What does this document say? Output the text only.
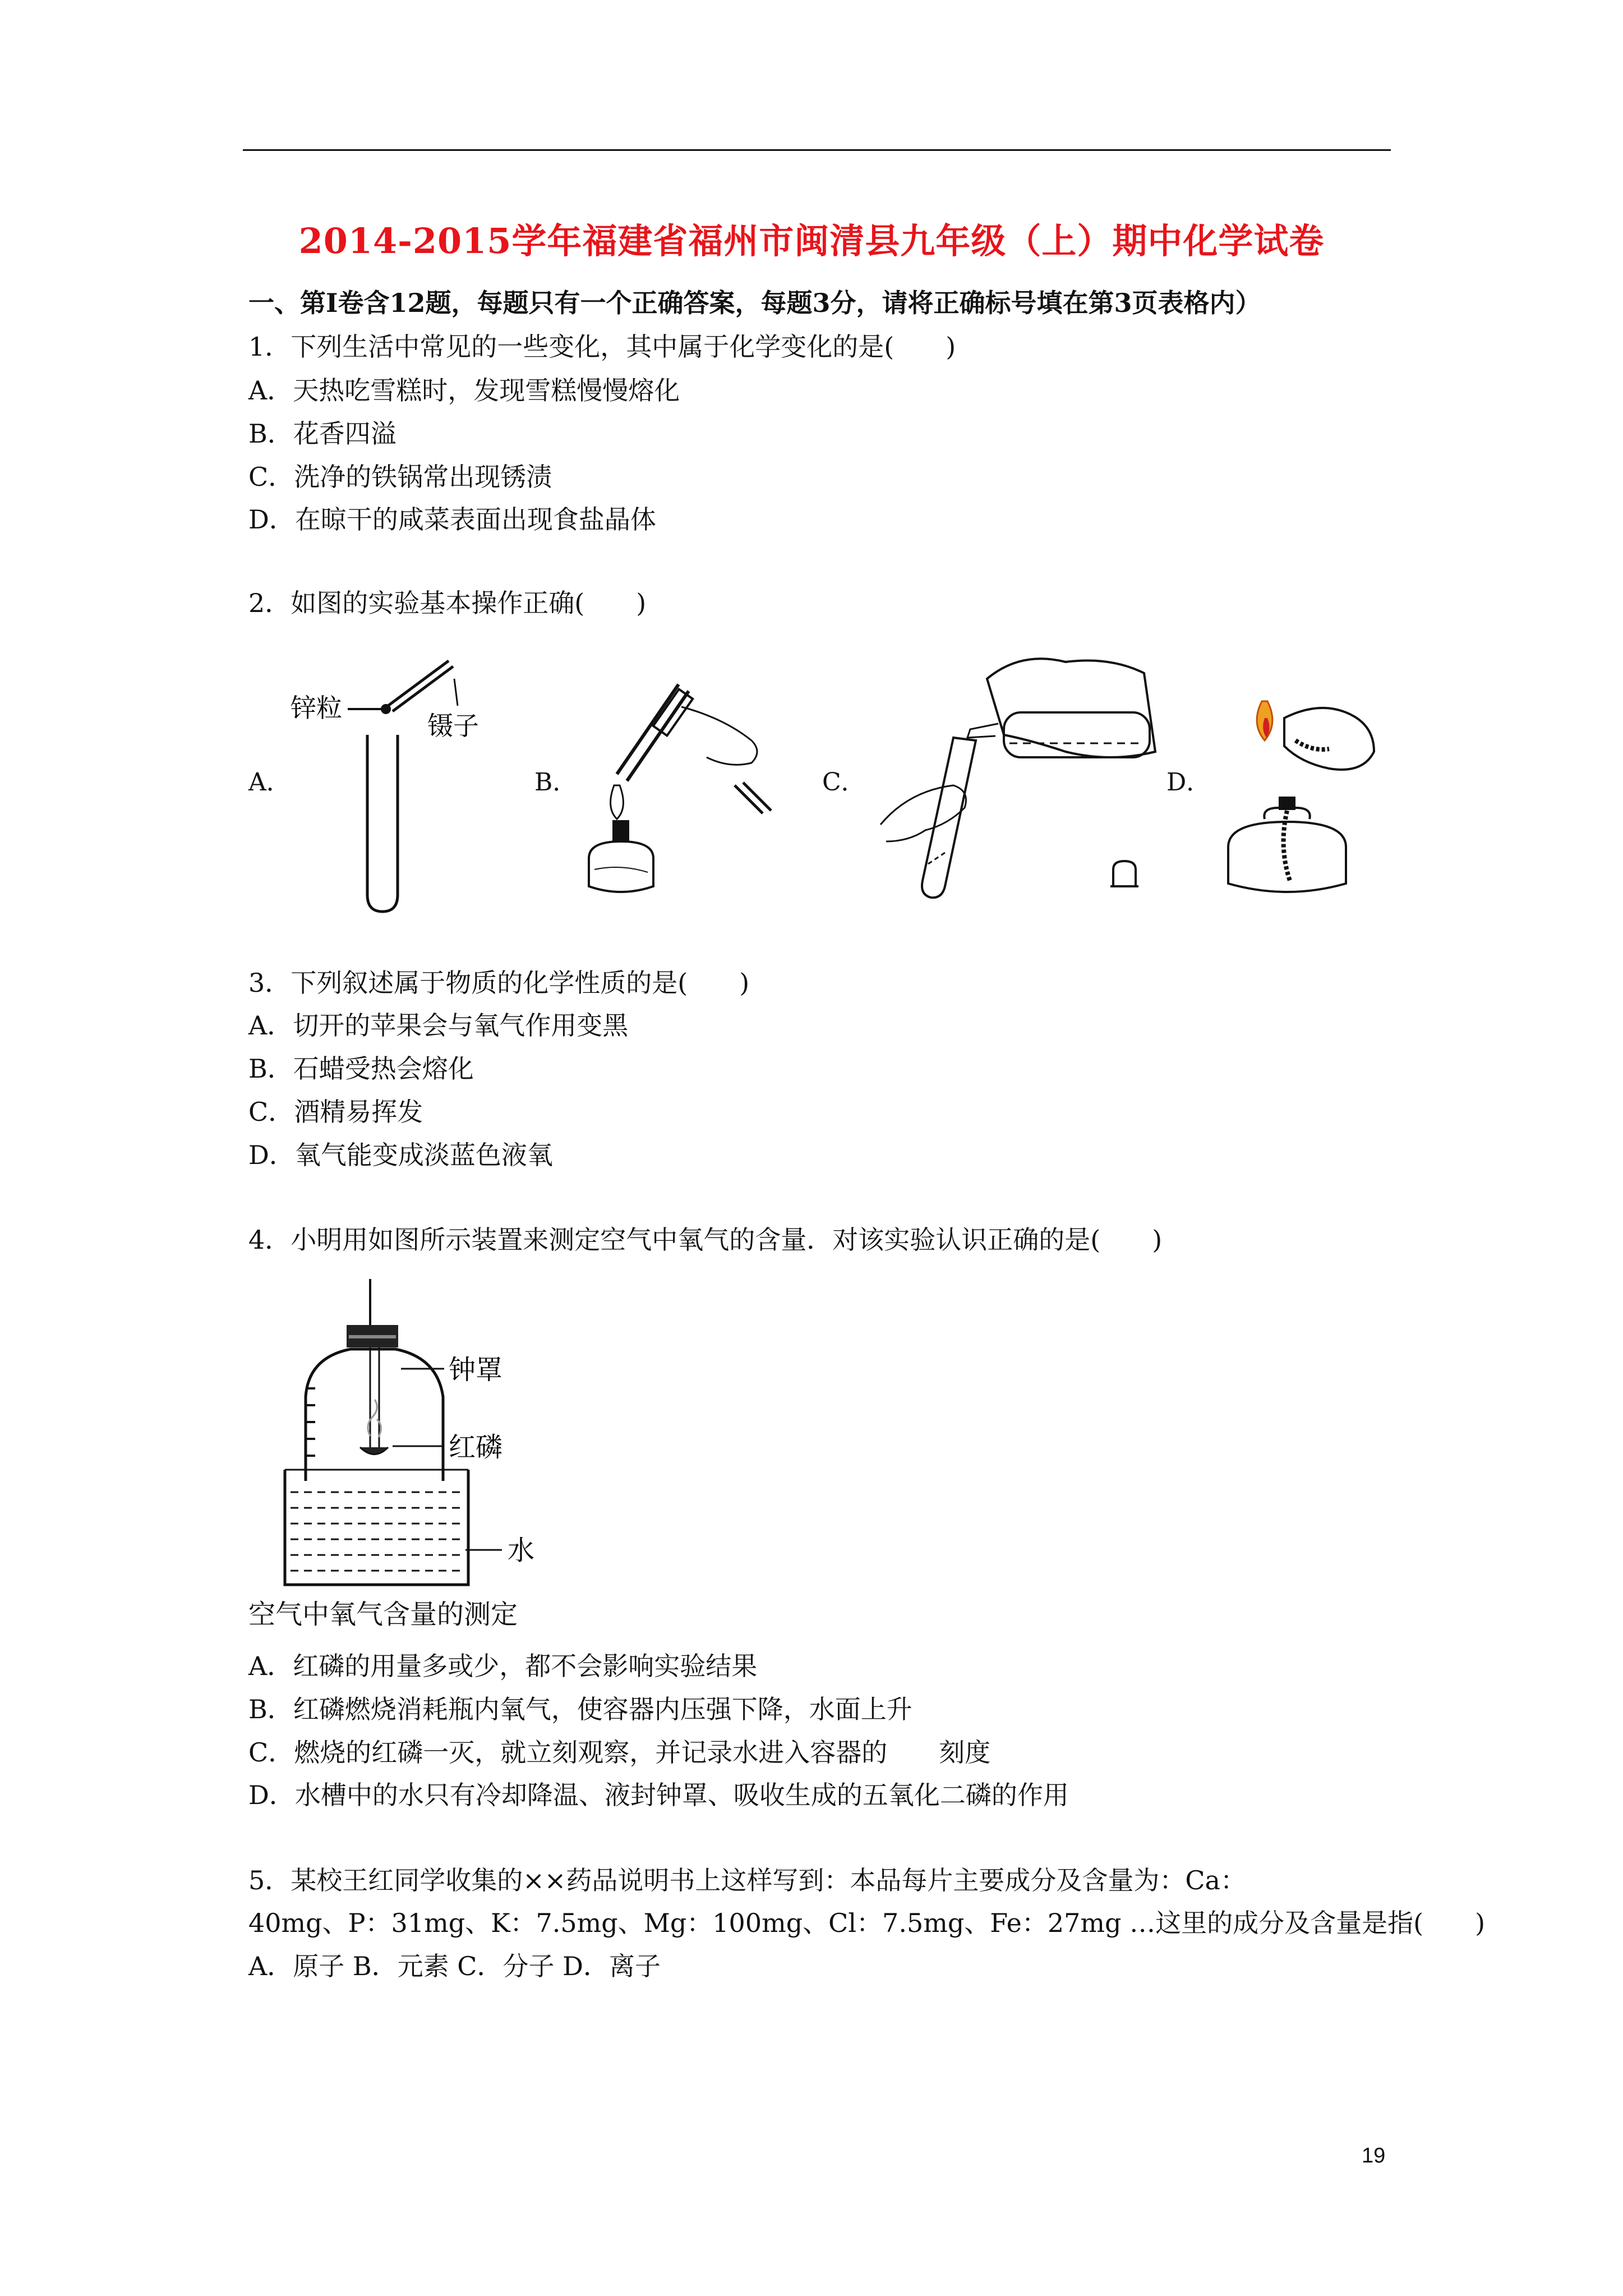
2014-2015学年福建省福州市闽清县九年级（上）期中化学试卷
一、第Ⅰ卷含12题，每题只有一个正确答案，每题3分，请将正确标号填在第3页表格内）
1．下列生活中常见的一些变化，其中属于化学变化的是(　　)
A．天热吃雪糕时，发现雪糕慢慢熔化
B．花香四溢
C．洗净的铁锅常出现锈渍
D．在晾干的咸菜表面出现食盐晶体
2．如图的实验基本操作正确(　　)
A．	B．	C．	D．
锌粒
镊子
3．下列叙述属于物质的化学性质的是(　　)
A．切开的苹果会与氧气作用变黑
B．石蜡受热会熔化
C．酒精易挥发
D．氧气能变成淡蓝色液氧
4．小明用如图所示装置来测定空气中氧气的含量．对该实验认识正确的是(　　)
钟罩
红磷
水
空气中氧气含量的测定
A．红磷的用量多或少，都不会影响实验结果
B．红磷燃烧消耗瓶内氧气，使容器内压强下降，水面上升
C．燃烧的红磷一灭，就立刻观察，并记录水进入容器的　　刻度
D．水槽中的水只有冷却降温、液封钟罩、吸收生成的五氧化二磷的作用
5．某校王红同学收集的××药品说明书上这样写到：本品每片主要成分及含量为：Ca：
40mg、P：31mg、K：7.5mg、Mg：100mg、Cl：7.5mg、Fe：27mg …这里的成分及含量是指(　　)
A．原子 B．元素 C．分子 D．离子
19
